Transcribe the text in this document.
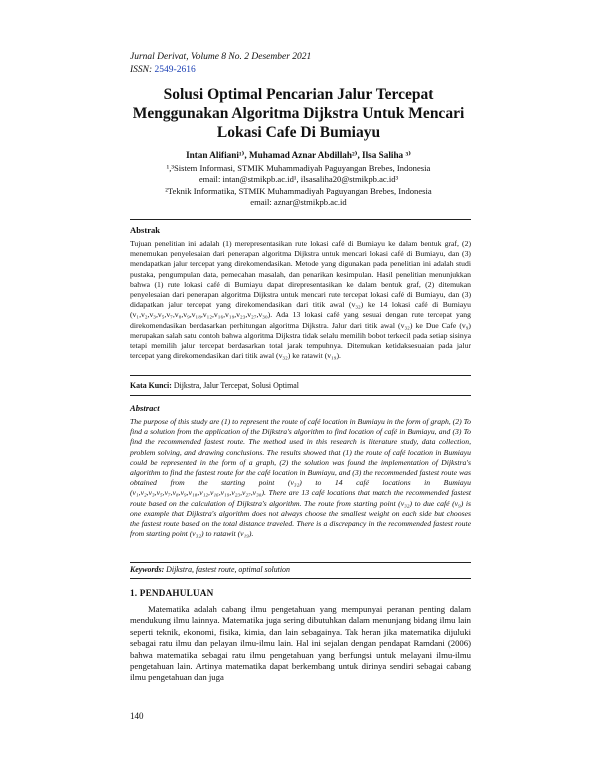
Jurnal Derivat, Volume 8 No. 2 Desember 2021
ISSN: 2549-2616
Solusi Optimal Pencarian Jalur Tercepat Menggunakan Algoritma Dijkstra Untuk Mencari Lokasi Cafe Di Bumiayu
Intan Alifiani¹⁾, Muhamad Aznar Abdillah²⁾, Ilsa Saliha ³⁾
¹,³Sistem Informasi, STMIK Muhammadiyah Paguyangan Brebes, Indonesia
email: intan@stmikpb.ac.id¹, ilsasaliha20@stmikpb.ac.id³
²Teknik Informatika, STMIK Muhammadiyah Paguyangan Brebes, Indonesia
email: aznar@stmikpb.ac.id
Abstrak
Tujuan penelitian ini adalah (1) merepresentasikan rute lokasi café di Bumiayu ke dalam bentuk graf, (2) menemukan penyelesaian dari penerapan algoritma Dijkstra untuk mencari lokasi café di Bumiayu, dan (3) mendapatkan jalur tercepat yang direkomendasikan. Metode yang digunakan pada penelitian ini adalah studi pustaka, pengumpulan data, pemecahan masalah, dan penarikan kesimpulan. Hasil penelitian menunjukkan bahwa (1) rute lokasi café di Bumiayu dapat direpresentasikan ke dalam bentuk graf, (2) ditemukan penyelesaian dari penerapan algoritma Dijkstra untuk mencari rute tercepat lokasi café di Bumiayu, dan (3) didapatkan jalur tercepat yang direkomendasikan dari titik awal (v₃₂) ke 14 lokasi café di Bumiayu (v₁,v₂,v₃,v₅,v₇,v₈,v₉,v₁₈,v₁₂,v₁₆,v₁₉,v₂₃,v₂₇,v₃₀). Ada 13 lokasi café yang sesuai dengan rute tercepat yang direkomendasikan berdasarkan perhitungan algoritma Dijkstra. Jalur dari titik awal (v₃₂) ke Due Cafe (v₉) merupakan salah satu contoh bahwa algoritma Dijkstra tidak selalu memilih bobot terkecil pada setiap sisinya tetapi memilih jalur tercepat berdasarkan total jarak tempuhnya. Ditemukan ketidaksesuaian pada jalur tercepat yang direkomendasikan dari titik awal (v₃₂) ke ratawit (v₁₉).
Kata Kunci: Dijkstra, Jalur Tercepat, Solusi Optimal
Abstract
The purpose of this study are (1) to represent the route of café location in Bumiayu in the form of graph, (2) To find a solution from the application of the Dijkstra's algorithm to find location of café in Bumiayu, and (3) To find the recommended fastest route. The method used in this research is literature study, data collection, problem solving, and drawing conclusions. The results showed that (1) the route of café location in Bumiayu could be represented in the form of a graph, (2) the solution was found the implementation of Dijkstra's algorithm to find the fastest route for the café location in Bumiayu, and (3) the recommended fastest route was obtained from the starting point (v₃₂) to 14 café locations in Bumiayu (v₁,v₂,v₃,v₅,v₇,v₈,v₉,v₁₈,v₁₂,v₁₆,v₁₉,v₂₃,v₂₇,v₃₀). There are 13 café locations that match the recommended fastest route based on the calculation of Dijkstra's algorithm. The route from starting point (v₃₂) to due café (v₉) is one example that Dijkstra's algorithm does not always choose the smallest weight on each side but chooses the fastest route based on the total distance traveled. There is a discrepancy in the recommended fastest route from starting point (v₃₂) to ratawit (v₁₉).
Keywords: Dijkstra, fastest route, optimal solution
1. PENDAHULUAN
Matematika adalah cabang ilmu pengetahuan yang mempunyai peranan penting dalam mendukung ilmu lainnya. Matematika juga sering dibutuhkan dalam menunjang bidang ilmu lain seperti teknik, ekonomi, fisika, kimia, dan lain sebagainya. Tak heran jika matematika dijuluki sebagai ratu ilmu dan pelayan ilmu-ilmu lain. Hal ini sejalan dengan pendapat Ramdani (2006) bahwa matematika sebagai ratu ilmu pengetahuan yang berfungsi untuk melayani ilmu-ilmu pengetahuan lain. Artinya matematika dapat berkembang untuk dirinya sendiri sebagai cabang ilmu pengetahuan dan juga
140
